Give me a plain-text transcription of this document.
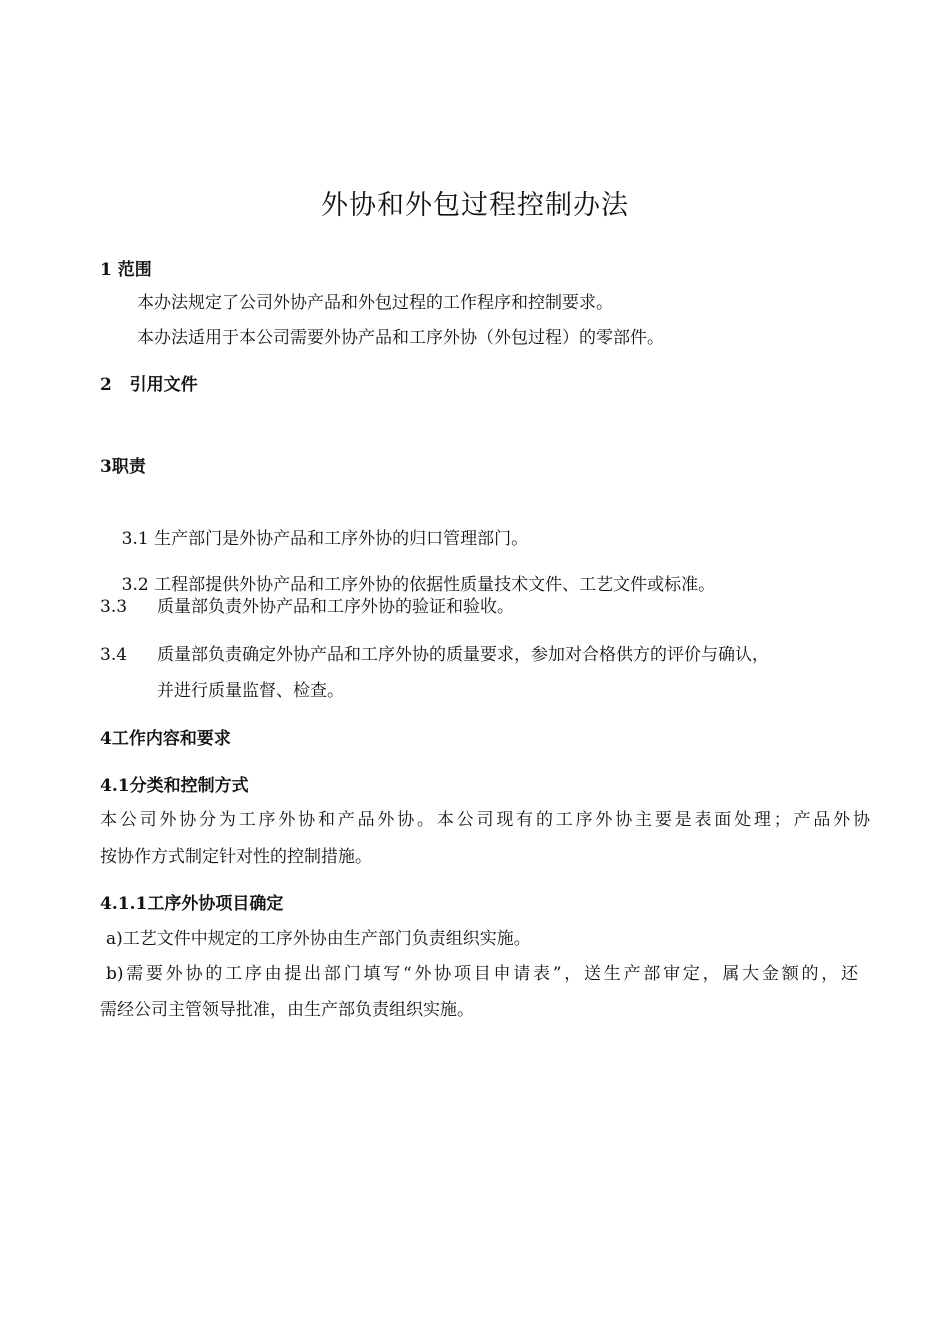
外协和外包过程控制办法
1 范围
本办法规定了公司外协产品和外包过程的工作程序和控制要求。
本办法适用于本公司需要外协产品和工序外协（外包过程）的零部件。
2   引用文件
3职责

3.1 生产部门是外协产品和工序外协的归口管理部门。

3.2 工程部提供外协产品和工序外协的依据性质量技术文件、工艺文件或标准。

3.3 质量部负责外协产品和工序外协的验证和验收。
3.4 质量部负责确定外协产品和工序外协的质量要求，参加对合格供方的评价与确认，
并进行质量监督、检查。
4工作内容和要求
4.1分类和控制方式
本公司外协分为工序外协和产品外协。本公司现有的工序外协主要是表面处理；产品外协
按协作方式制定针对性的控制措施。
4.1.1工序外协项目确定
a)工艺文件中规定的工序外协由生产部门负责组织实施。
b)需要外协的工序由提出部门填写“外协项目申请表”，送生产部审定，属大金额的，还
需经公司主管领导批准，由生产部负责组织实施。
